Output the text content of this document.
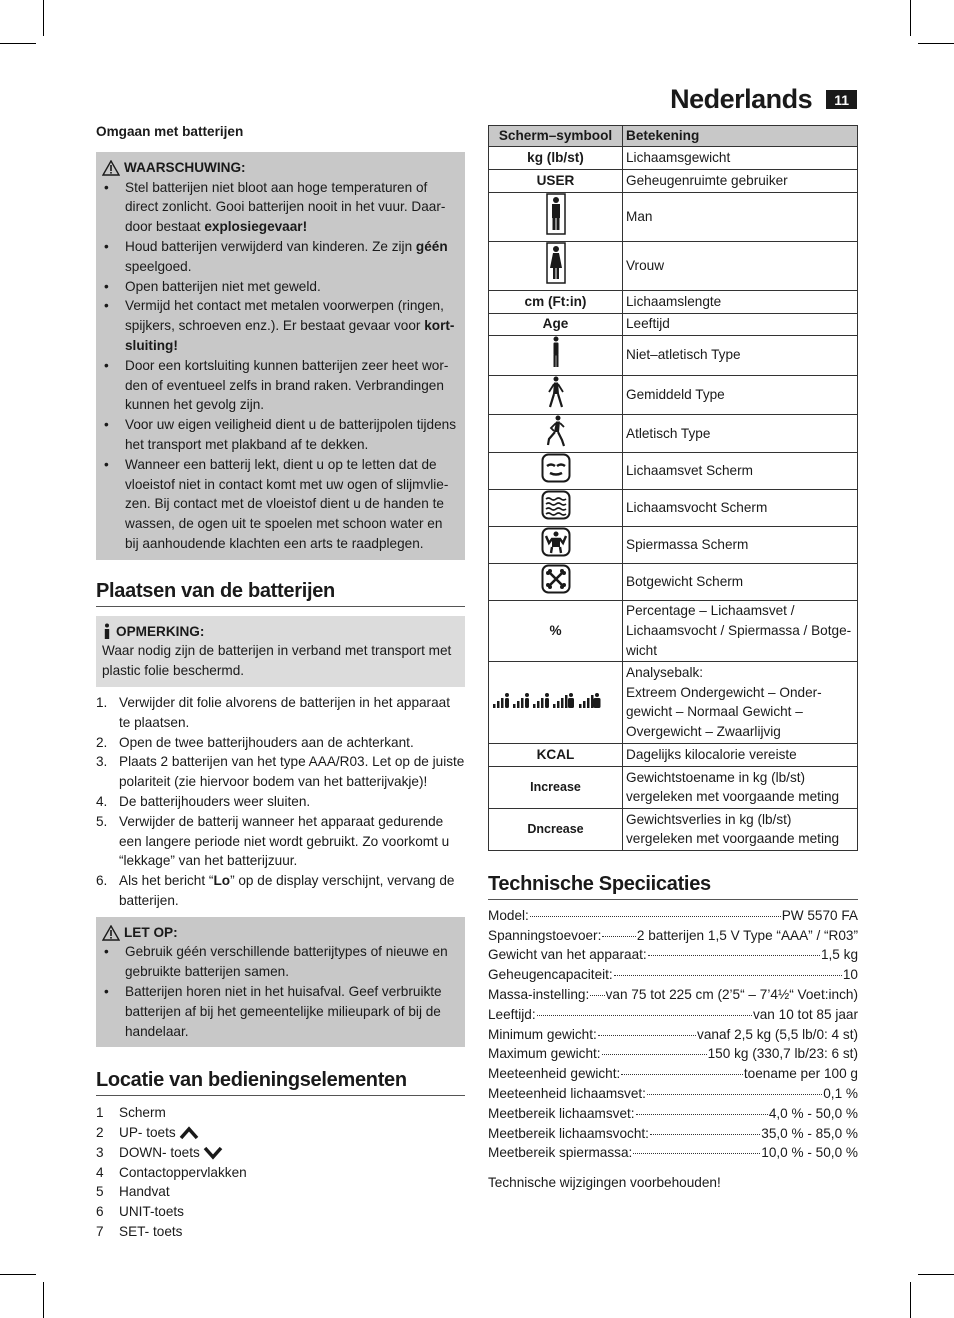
Nederlands	11
Omgaan met batterijen
WAARSCHUWING:
• Stel batterijen niet bloot aan hoge temperaturen of direct zonlicht. Gooi batterijen nooit in het vuur. Daar-door bestaat explosiegevaar!
• Houd batterijen verwijderd van kinderen. Ze zijn géén speelgoed.
• Open batterijen niet met geweld.
• Vermijd het contact met metalen voorwerpen (ringen, spijkers, schroeven enz.). Er bestaat gevaar voor kort-sluiting!
• Door een kortsluiting kunnen batterijen zeer heet wor-den of eventueel zelfs in brand raken. Verbrandingen kunnen het gevolg zijn.
• Voor uw eigen veiligheid dient u de batterijpolen tijdens het transport met plakband af te dekken.
• Wanneer een batterij lekt, dient u op te letten dat de vloeistof niet in contact komt met uw ogen of slijmvlie-zen. Bij contact met de vloeistof dient u de handen te wassen, de ogen uit te spoelen met schoon water en bij aanhoudende klachten een arts te raadplegen.
Plaatsen van de batterijen
OPMERKING:
Waar nodig zijn de batterijen in verband met transport met plastic folie beschermd.
1. Verwijder dit folie alvorens de batterijen in het apparaat te plaatsen.
2. Open de twee batterijhouders aan de achterkant.
3. Plaats 2 batterijen van het type AAA/R03. Let op de juiste polariteit (zie hiervoor bodem van het batterijvakje)!
4. De batterijhouders weer sluiten.
5. Verwijder de batterij wanneer het apparaat gedurende een langere periode niet wordt gebruikt. Zo voorkomt u “lekkage” van het batterijzuur.
6. Als het bericht “Lo” op de display verschijnt, vervang de batterijen.
LET OP:
• Gebruik géén verschillende batterijtypes of nieuwe en gebruikte batterijen samen.
• Batterijen horen niet in het huisafval. Geef verbruikte batterijen af bij het gemeentelijke milieupark of bij de handelaar.
Locatie van bedieningselementen
1	Scherm
2	UP- toets
3	DOWN- toets
4	Contactoppervlakken
5	Handvat
6	UNIT-toets
7	SET- toets
Scherm–symbool	Betekening
kg (lb/st)	Lichaamsgewicht
USER	Geheugenruimte gebruiker

	Man

	Vrouw
cm (Ft:in)	Lichaamslengte
Age	Leeftijd

	Niet–atletisch Type

	Gemiddeld Type

	Atletisch Type

	Lichaamsvet Scherm

	Lichaamsvocht Scherm

	Spiermassa Scherm

	Botgewicht Scherm
%	Percentage – Lichaamsvet / Lichaamsvocht / Spiermassa / Botge-wicht

	Analysebalk:
Extreem Ondergewicht – Onder-gewicht – Normaal Gewicht – Overgewicht – Zwaarlijvig
KCAL	Dagelijks kilocalorie vereiste
Increase	Gewichtstoename in kg (lb/st) vergeleken met voorgaande meting
Dncrease	Gewichtsverlies in kg (lb/st) vergeleken met voorgaande meting
Technische Speciicaties
Model:	PW 5570 FA
Spanningstoevoer:	2 batterijen 1,5 V Type “AAA” / “R03”
Gewicht van het apparaat:	1,5 kg
Geheugencapaciteit:	10
Massa-instelling: van 75 tot 225 cm (2’5“ – 7’4½“ Voet:inch)
Leeftijd:	van 10 tot 85 jaar
Minimum gewicht:	vanaf 2,5 kg (5,5 lb/0: 4 st)
Maximum gewicht:	150 kg (330,7 lb/23: 6 st)
Meeteenheid gewicht:	toename per 100 g
Meeteenheid lichaamsvet:	0,1 %
Meetbereik lichaamsvet:	4,0 % - 50,0 %
Meetbereik lichaamsvocht:	35,0 % - 85,0 %
Meetbereik spiermassa:	10,0 % - 50,0 %
Technische wijzigingen voorbehouden!
